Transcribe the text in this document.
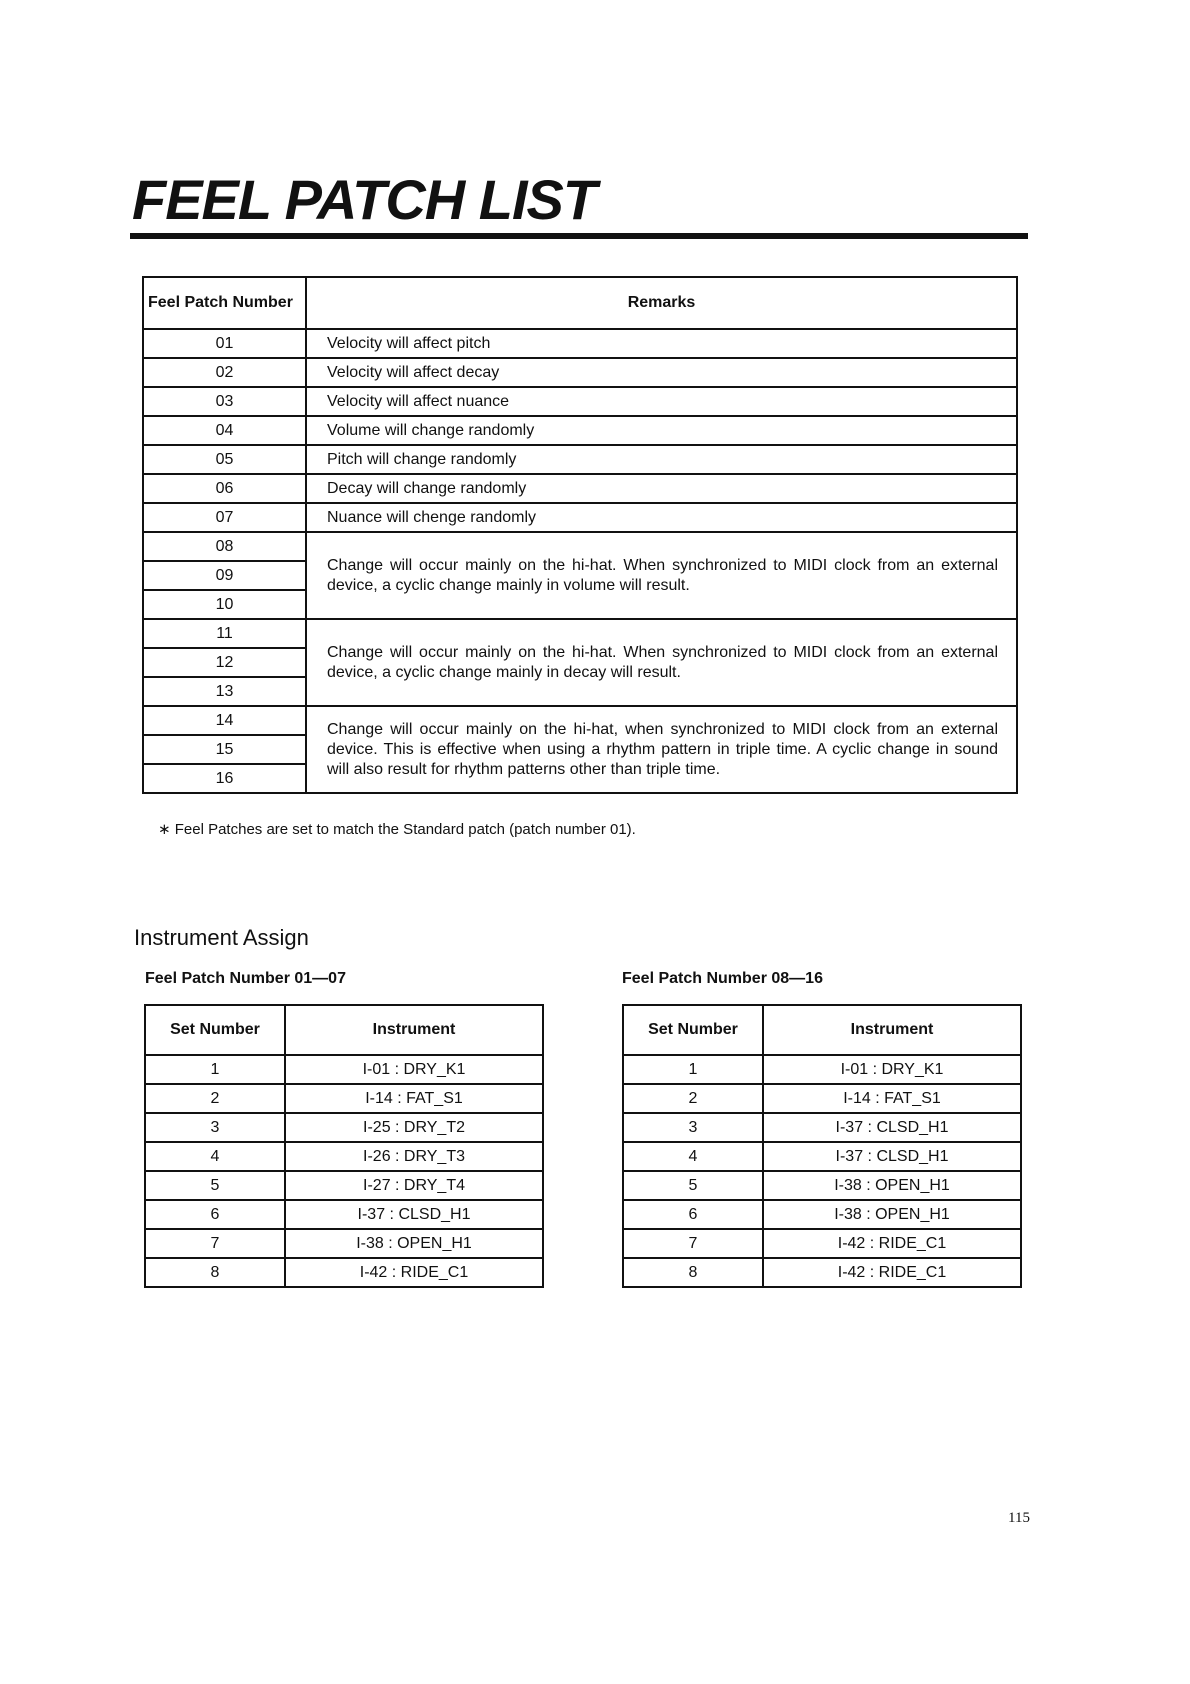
FEEL PATCH LIST
Feel Patch Number	Remarks
01	Velocity will affect pitch
02	Velocity will affect decay
03	Velocity will affect nuance
04	Volume will change randomly
05	Pitch will change randomly
06	Decay will change randomly
07	Nuance will chenge randomly
08	Change will occur mainly on the hi-hat. When synchronized to MIDI clock from an external device, a cyclic change mainly in volume will result.
09	
10	
11	Change will occur mainly on the hi-hat. When synchronized to MIDI clock from an external device, a cyclic change mainly in decay will result.
12	
13	
14	Change will occur mainly on the hi-hat, when synchronized to MIDI clock from an external device. This is effective when using a rhythm pattern in triple time. A cyclic change in sound will also result for rhythm patterns other than triple time.
15	
16	
∗ Feel Patches are set to match the Standard patch (patch number 01).
Instrument Assign
Feel Patch Number 01—07	Feel Patch Number 08—16
Set Number	Instrument
1	I-01 : DRY_K1
2	I-14 : FAT_S1
3	I-25 : DRY_T2
4	I-26 : DRY_T3
5	I-27 : DRY_T4
6	I-37 : CLSD_H1
7	I-38 : OPEN_H1
8	I-42 : RIDE_C1
Set Number	Instrument
1	I-01 : DRY_K1
2	I-14 : FAT_S1
3	I-37 : CLSD_H1
4	I-37 : CLSD_H1
5	I-38 : OPEN_H1
6	I-38 : OPEN_H1
7	I-42 : RIDE_C1
8	I-42 : RIDE_C1
115
